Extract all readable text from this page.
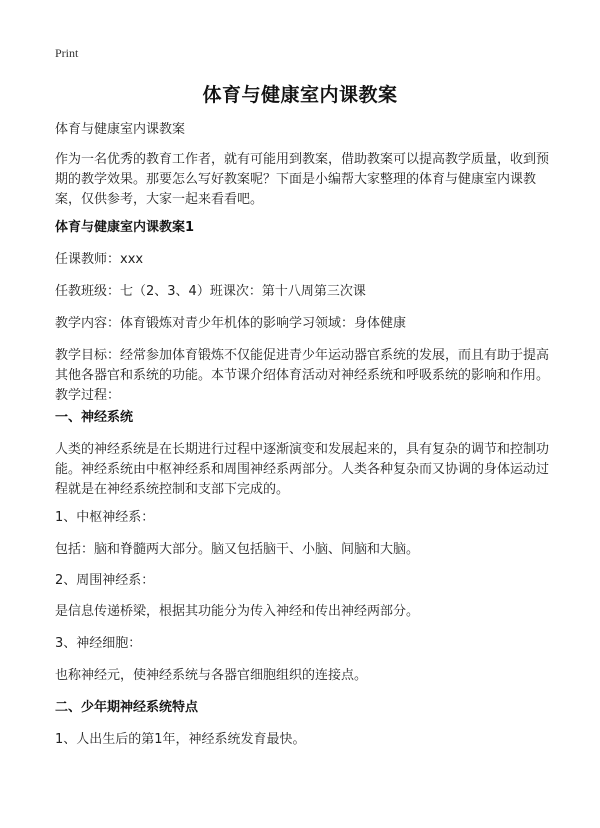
Print
体育与健康室内课教案

体育与健康室内课教案

作为一名优秀的教育工作者，就有可能用到教案，借助教案可以提高教学质量，收到预期的教学效果。那要怎么写好教案呢？下面是小编帮大家整理的体育与健康室内课教案，仅供参考，大家一起来看看吧。

体育与健康室内课教案1

任课教师：xxx

任教班级：七（2、3、4）班课次：第十八周第三次课

教学内容：体育锻炼对青少年机体的影响学习领域：身体健康

教学目标：经常参加体育锻炼不仅能促进青少年运动器官系统的发展，而且有助于提高其他各器官和系统的功能。本节课介绍体育活动对神经系统和呼吸系统的影响和作用。教学过程：

一、神经系统

人类的神经系统是在长期进行过程中逐渐演变和发展起来的，具有复杂的调节和控制功能。神经系统由中枢神经系和周围神经系两部分。人类各种复杂而又协调的身体运动过程就是在神经系统控制和支部下完成的。

1、中枢神经系：

包括：脑和脊髓两大部分。脑又包括脑干、小脑、间脑和大脑。

2、周围神经系：

是信息传递桥梁，根据其功能分为传入神经和传出神经两部分。

3、神经细胞：

也称神经元，使神经系统与各器官细胞组织的连接点。

二、少年期神经系统特点

1、人出生后的第1年，神经系统发育最快。
